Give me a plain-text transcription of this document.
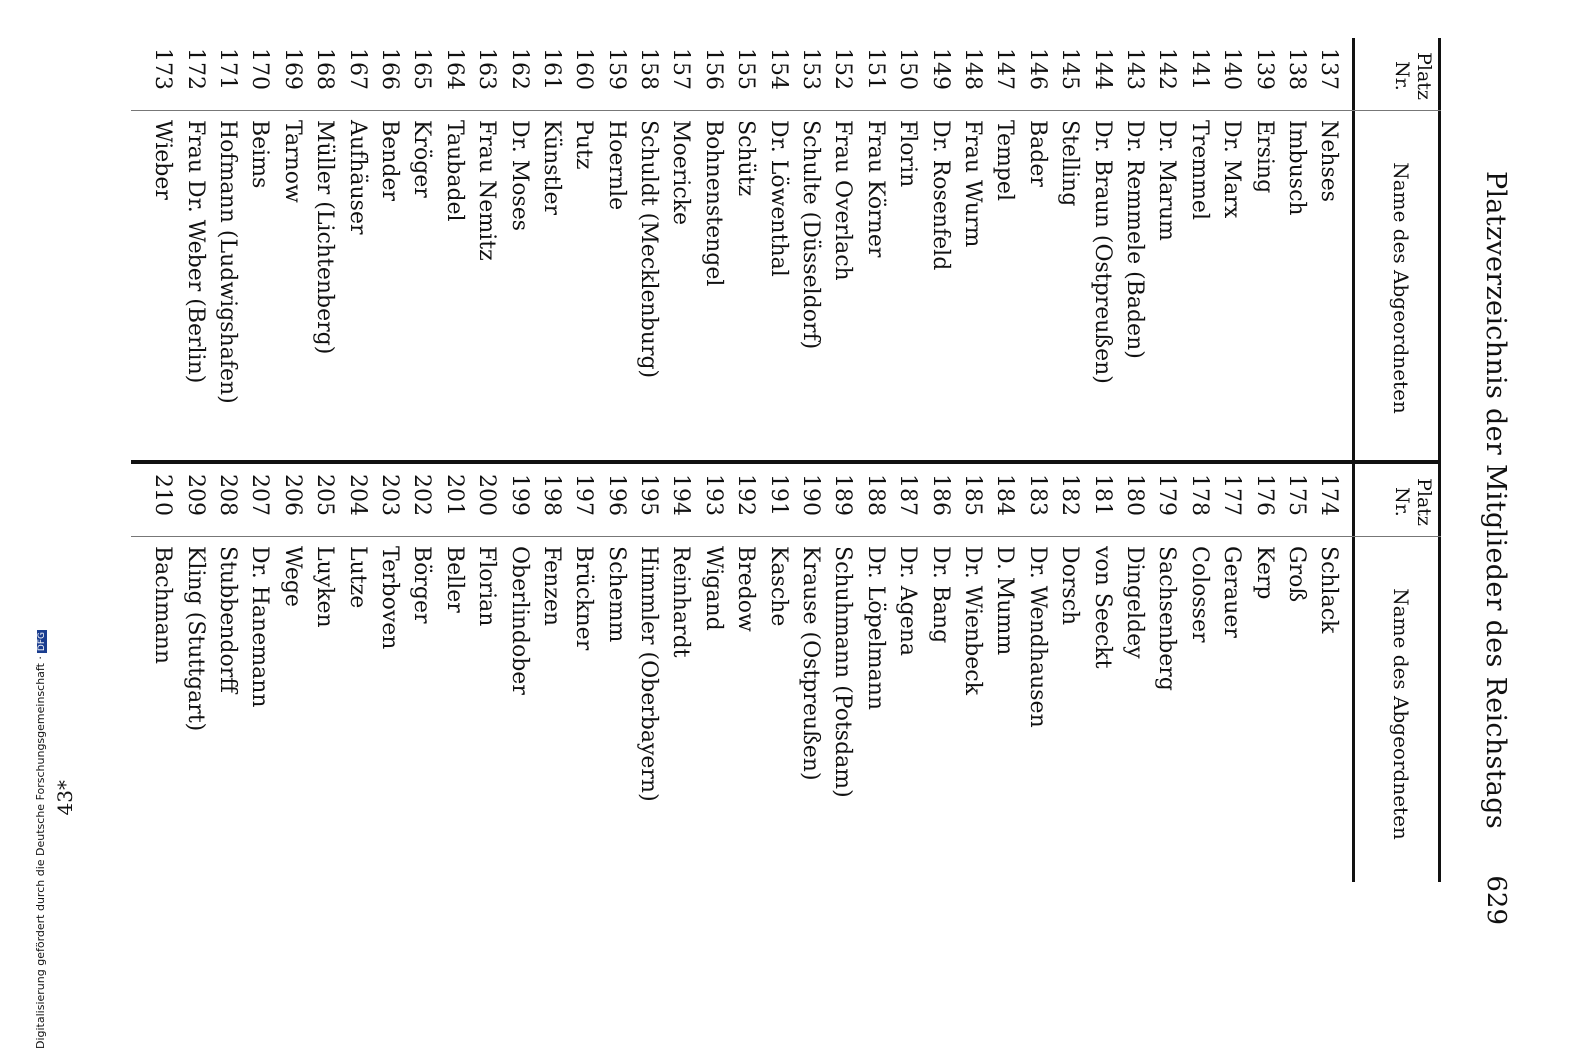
629
Platzverzeichnis der Mitglieder des Reichstags
Platz
Nr.
Name des Abgeordneten
137
Nehses
138
Imbusch
139
Ersing
140
Dr. Marx
141
Tremmel
142
Dr. Marum
143
Dr. Remmele (Baden)
144
Dr. Braun (Ostpreußen)
145
Stelling
146
Bader
147
Tempel
148
Frau Wurm
149
Dr. Rosenfeld
150
Florin
151
Frau Körner
152
Frau Overlach
153
Schulte (Düsseldorf)
154
Dr. Löwenthal
155
Schütz
156
Bohnenstengel
157
Moericke
158
Schuldt (Mecklenburg)
159
Hoernle
160
Putz
161
Künstler
162
Dr. Moses
163
Frau Nemitz
164
Taubadel
165
Kröger
166
Bender
167
Aufhäuser
168
Müller (Lichtenberg)
169
Tarnow
170
Beims
171
Hofmann (Ludwigshafen)
172
Frau Dr. Weber (Berlin)
173
Wieber
Platz
Nr.
Name des Abgeordneten
174
Schlack
175
Groß
176
Kerp
177
Gerauer
178
Colosser
179
Sachsenberg
180
Dingeldey
181
von Seeckt
182
Dorsch
183
Dr. Wendhausen
184
D. Mumm
185
Dr. Wienbeck
186
Dr. Bang
187
Dr. Agena
188
Dr. Löpelmann
189
Schuhmann (Potsdam)
190
Krause (Ostpreußen)
191
Kasche
192
Bredow
193
Wigand
194
Reinhardt
195
Himmler (Oberbayern)
196
Schemm
197
Brückner
198
Fenzen
199
Oberlindober
200
Florian
201
Beller
202
Börger
203
Terboven
204
Lutze
205
Luyken
206
Wege
207
Dr. Hanemann
208
Stubbendorff
209
Kling (Stuttgart)
210
Bachmann
43*
Digitalisierung gefördert durch die Deutsche Forschungsgemeinschaft ·DFG
